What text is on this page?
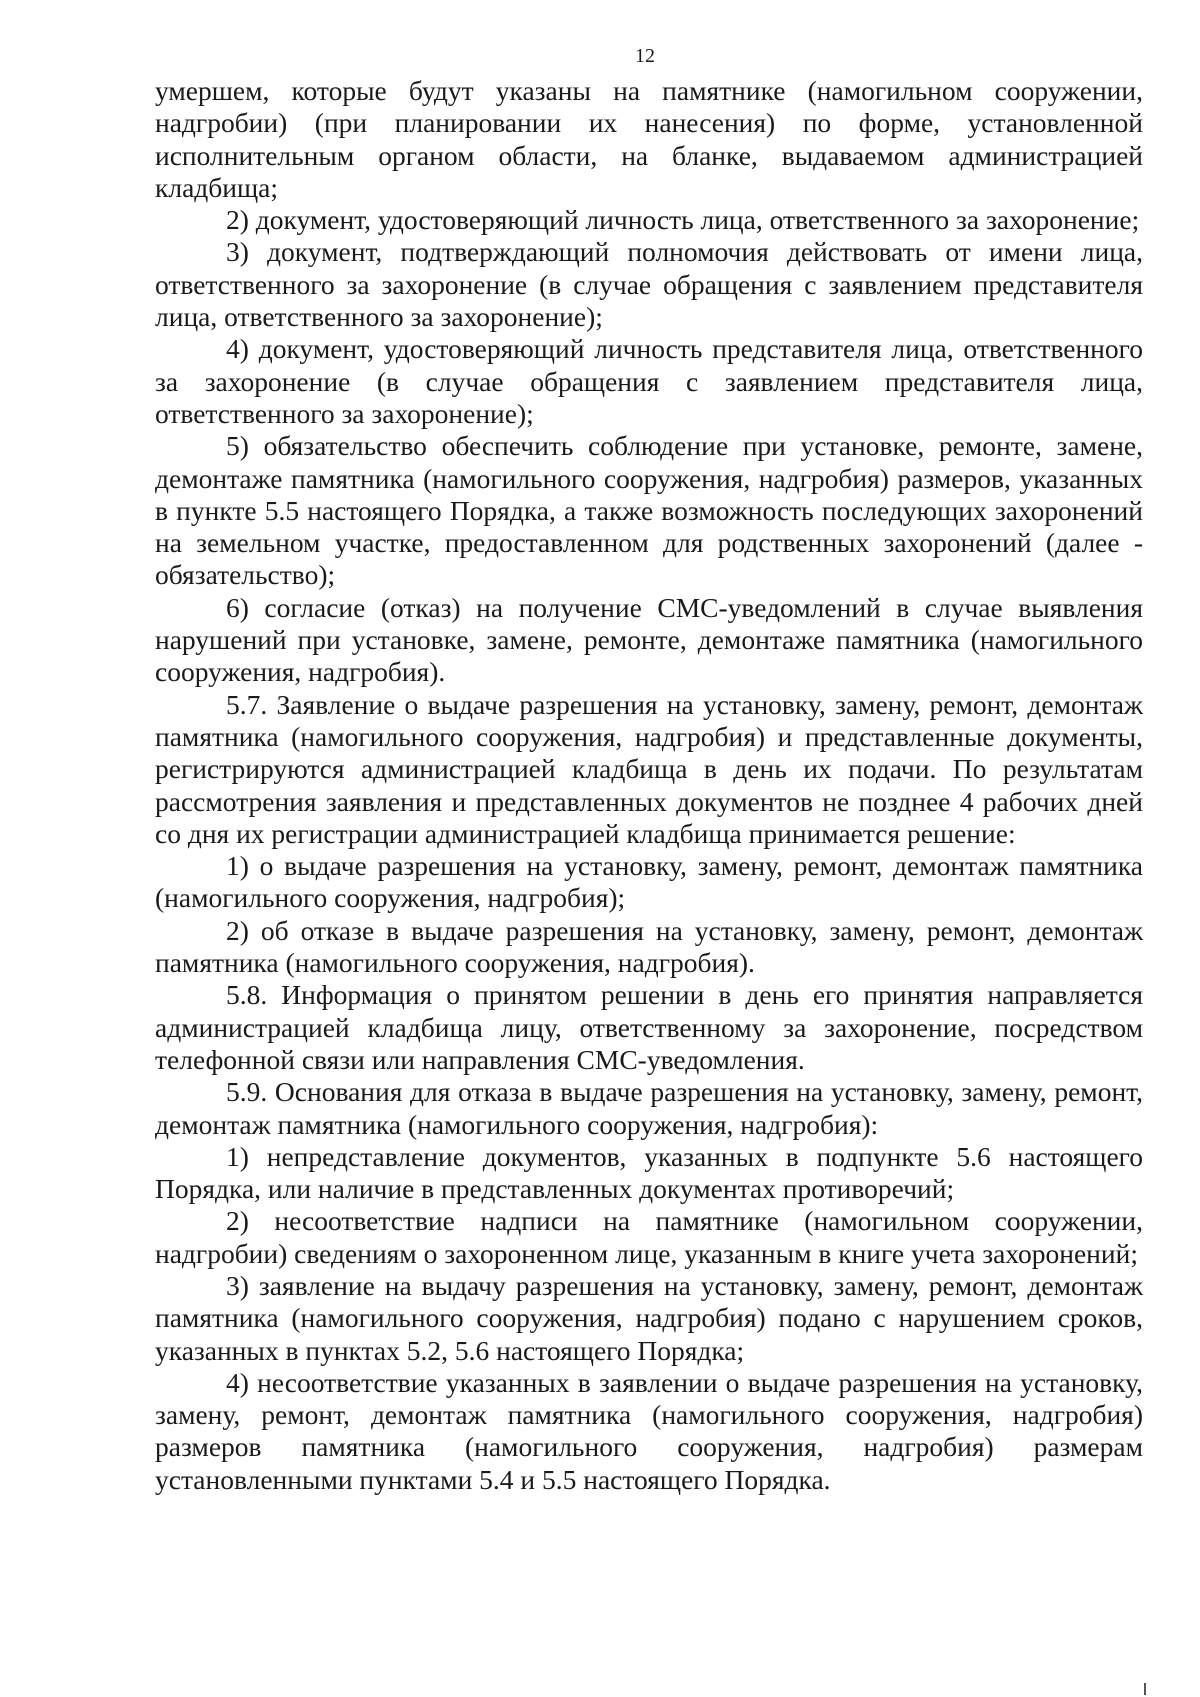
12

умершем, которые будут указаны на памятнике (намогильном сооружении, надгробии) (при планировании их нанесения) по форме, установленной исполнительным органом области, на бланке, выдаваемом администрацией кладбища;

2) документ, удостоверяющий личность лица, ответственного за захоронение;

3) документ, подтверждающий полномочия действовать от имени лица, ответственного за захоронение (в случае обращения с заявлением представителя лица, ответственного за захоронение);

4) документ, удостоверяющий личность представителя лица, ответственного за захоронение (в случае обращения с заявлением представителя лица, ответственного за захоронение);

5) обязательство обеспечить соблюдение при установке, ремонте, замене, демонтаже памятника (намогильного сооружения, надгробия) размеров, указанных в пункте 5.5 настоящего Порядка, а также возможность последующих захоронений на земельном участке, предоставленном для родственных захоронений (далее - обязательство);

6) согласие (отказ) на получение СМС-уведомлений в случае выявления нарушений при установке, замене, ремонте, демонтаже памятника (намогильного сооружения, надгробия).

5.7. Заявление о выдаче разрешения на установку, замену, ремонт, демонтаж памятника (намогильного сооружения, надгробия) и представленные документы, регистрируются администрацией кладбища в день их подачи. По результатам рассмотрения заявления и представленных документов не позднее 4 рабочих дней со дня их регистрации администрацией кладбища принимается решение:

1) о выдаче разрешения на установку, замену, ремонт, демонтаж памятника (намогильного сооружения, надгробия);

2) об отказе в выдаче разрешения на установку, замену, ремонт, демонтаж памятника (намогильного сооружения, надгробия).

5.8. Информация о принятом решении в день его принятия направляется администрацией кладбища лицу, ответственному за захоронение, посредством телефонной связи или направления СМС-уведомления.

5.9. Основания для отказа в выдаче разрешения на установку, замену, ремонт, демонтаж памятника (намогильного сооружения, надгробия):

1) непредставление документов, указанных в подпункте 5.6 настоящего Порядка, или наличие в представленных документах противоречий;

2) несоответствие надписи на памятнике (намогильном сооружении, надгробии) сведениям о захороненном лице, указанным в книге учета захоронений;

3) заявление на выдачу разрешения на установку, замену, ремонт, демонтаж памятника (намогильного сооружения, надгробия) подано с нарушением сроков, указанных в пунктах 5.2, 5.6 настоящего Порядка;

4) несоответствие указанных в заявлении о выдаче разрешения на установку, замену, ремонт, демонтаж памятника (намогильного сооружения, надгробия) размеров памятника (намогильного сооружения, надгробия) размерам установленными пунктами 5.4 и 5.5 настоящего Порядка.
